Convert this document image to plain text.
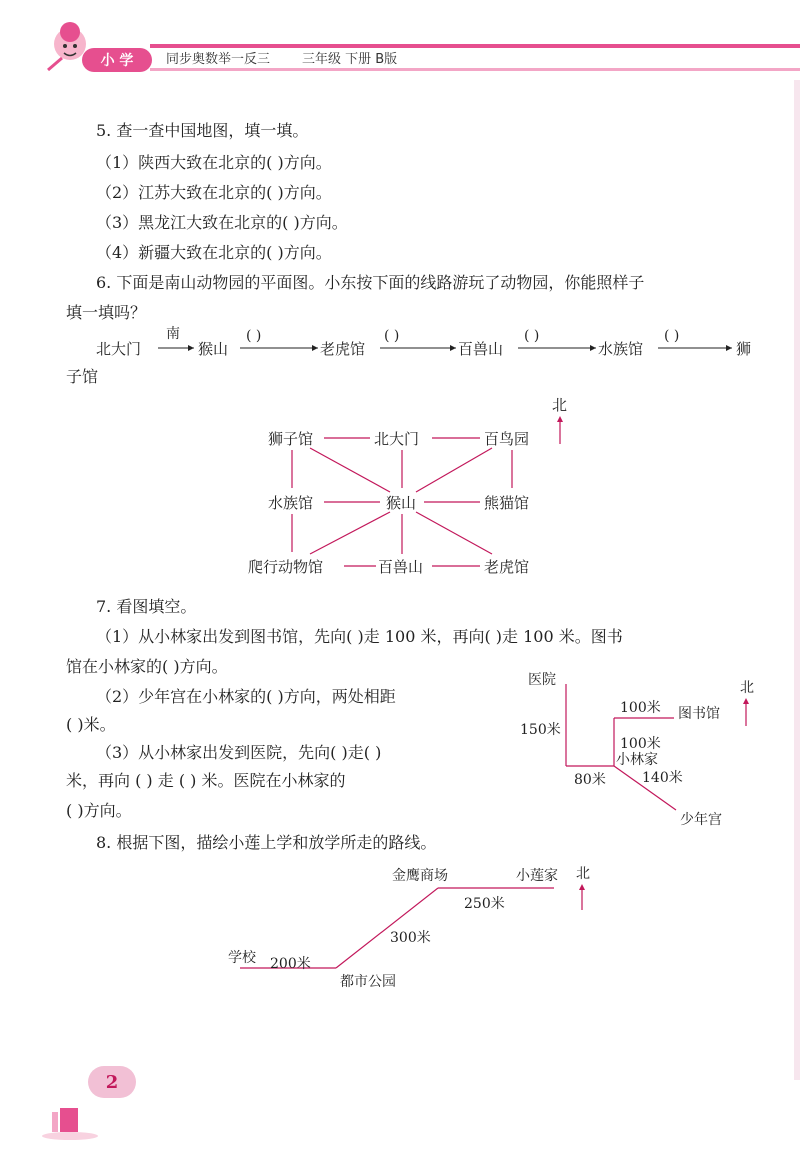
小 学	同步奥数举一反三 三年级 下册 B版
5. 查一查中国地图，填一填。
（1）陕西大致在北京的( )方向。
（2）江苏大致在北京的( )方向。
（3）黑龙江大致在北京的( )方向。
（4）新疆大致在北京的( )方向。
6. 下面是南山动物园的平面图。小东按下面的线路游玩了动物园，你能照样子
填一填吗？
北大门
南
猴山
( )
老虎馆
( )
百兽山
( )
水族馆
( )
狮
子馆
狮子馆	北大门	百鸟园
水族馆	猴山	熊猫馆
爬行动物馆	百兽山	老虎馆
北
7. 看图填空。
（1）从小林家出发到图书馆，先向( )走 100 米，再向( )走 100 米。图书
馆在小林家的( )方向。
（2）少年宫在小林家的( )方向，两处相距
( )米。
（3）从小林家出发到医院，先向( )走( )
米，再向 ( ) 走 ( ) 米。医院在小林家的
( )方向。
医院	北
100米 图书馆
150米
100米
小林家
80米	140米
少年宫
8. 根据下图，描绘小莲上学和放学所走的路线。
金鹰商场	小莲家 北
250米
300米
学校 200米
都市公园
2
